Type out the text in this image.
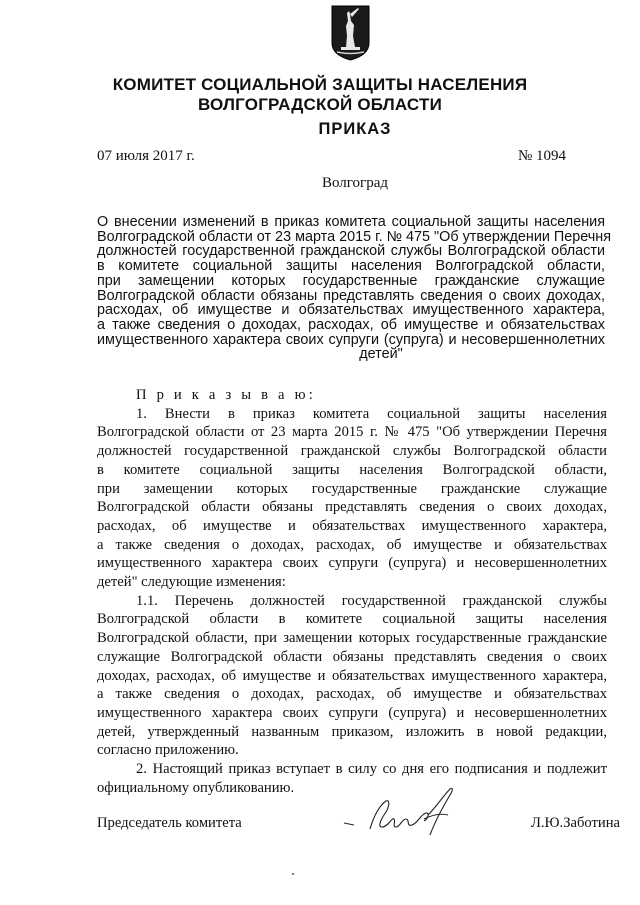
КОМИТЕТ СОЦИАЛЬНОЙ ЗАЩИТЫ НАСЕЛЕНИЯ
ВОЛГОГРАДСКОЙ ОБЛАСТИ
ПРИКАЗ
07 июля 2017 г.	№ 1094
Волгоград
О внесении изменений в приказ комитета социальной защиты населения
Волгоградской области от 23 марта 2015 г. № 475 "Об утверждении Перечня
должностей государственной гражданской службы Волгоградской области
в комитете социальной защиты населения Волгоградской области,
при замещении которых государственные гражданские служащие
Волгоградской области обязаны представлять сведения о своих доходах,
расходах, об имуществе и обязательствах имущественного характера,
а также сведения о доходах, расходах, об имуществе и обязательствах
имущественного характера своих супруги (супруга) и несовершеннолетних
детей"
П р и к а з ы в а ю:
1. Внести в приказ комитета социальной защиты населения
Волгоградской области от 23 марта 2015 г. № 475 "Об утверждении Перечня
должностей государственной гражданской службы Волгоградской области
в комитете социальной защиты населения Волгоградской области,
при замещении которых государственные гражданские служащие
Волгоградской области обязаны представлять сведения о своих доходах,
расходах, об имуществе и обязательствах имущественного характера,
а также сведения о доходах, расходах, об имуществе и обязательствах
имущественного характера своих супруги (супруга) и несовершеннолетних
детей" следующие изменения:
1.1. Перечень должностей государственной гражданской службы
Волгоградской области в комитете социальной защиты населения
Волгоградской области, при замещении которых государственные гражданские
служащие Волгоградской области обязаны представлять сведения о своих
доходах, расходах, об имуществе и обязательствах имущественного характера,
а также сведения о доходах, расходах, об имуществе и обязательствах
имущественного характера своих супруги (супруга) и несовершеннолетних
детей, утвержденный названным приказом, изложить в новой редакции,
согласно приложению.
2. Настоящий приказ вступает в силу со дня его подписания и подлежит
официальному опубликованию.
Председатель комитета	Л.Ю.Заботина
